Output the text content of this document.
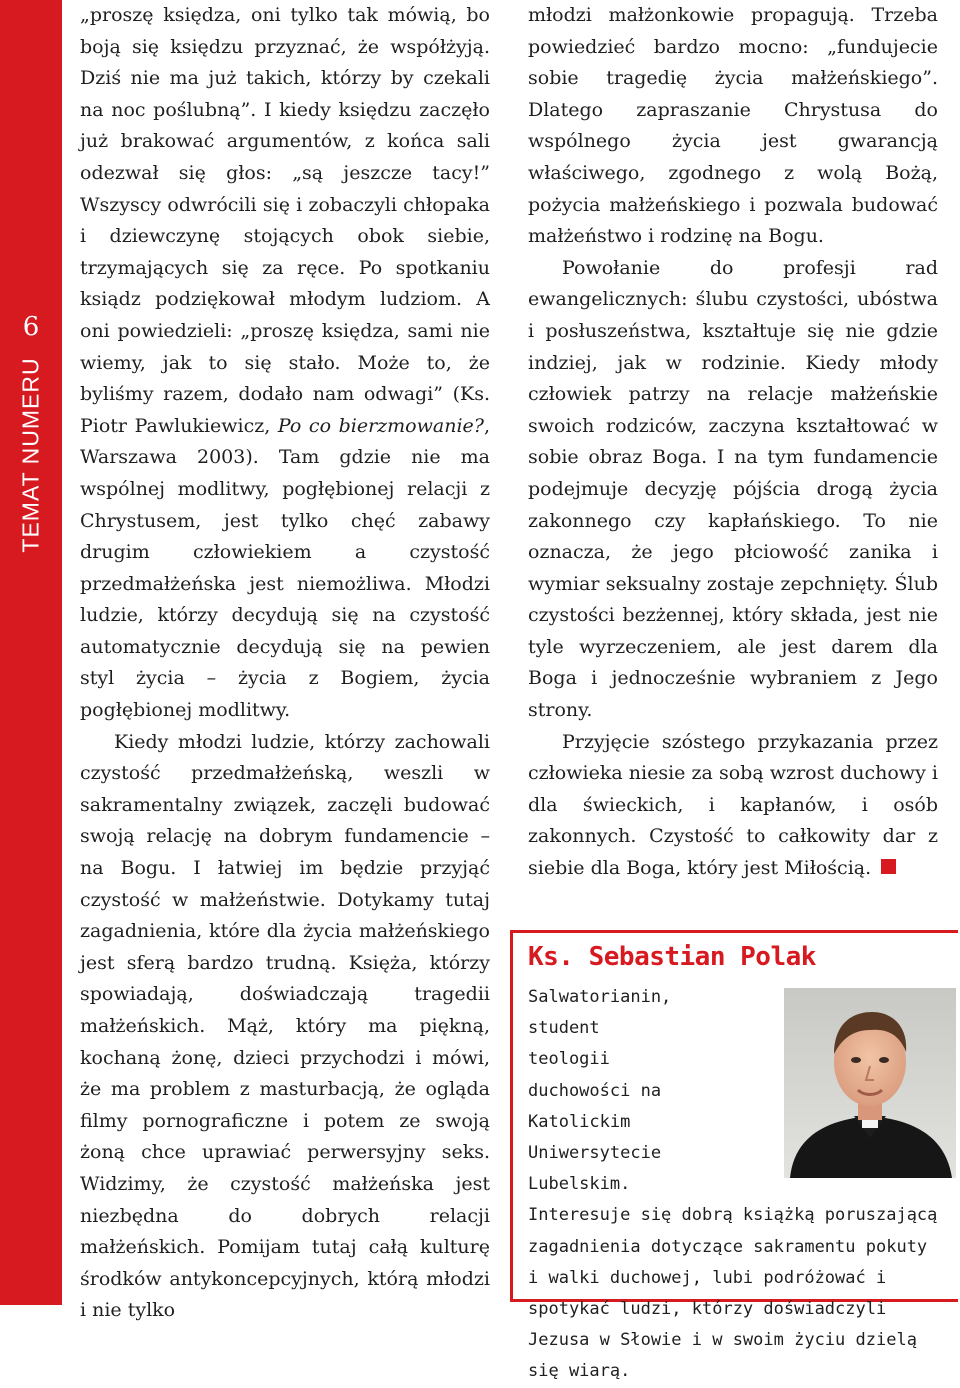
6
TEMAT NUMERU

„proszę księdza, oni tylko tak mówią, bo boją się księdzu przyznać, że współżyją. Dziś nie ma już takich, którzy by czekali na noc poślubną”. I kiedy księdzu zaczęło już brakować argumentów, z końca sali odezwał się głos: „są jeszcze tacy!” Wszyscy odwrócili się i zobaczyli chłopaka i dziewczynę stojących obok siebie, trzymających się za ręce. Po spotkaniu ksiądz podziękował młodym ludziom. A oni powiedzieli: „proszę księdza, sami nie wiemy, jak to się stało. Może to, że byliśmy razem, dodało nam odwagi” (Ks. Piotr Pawlukiewicz, Po co bierzmowanie?, Warszawa 2003). Tam gdzie nie ma wspólnej modlitwy, pogłębionej relacji z Chrystusem, jest tylko chęć zabawy drugim człowiekiem a czystość przedmałżeńska jest niemożliwa. Młodzi ludzie, którzy decydują się na czystość automatycznie decydują się na pewien styl życia – życia z Bogiem, życia pogłębionej modlitwy.

Kiedy młodzi ludzie, którzy zachowali czystość przedmałżeńską, weszli w sakramentalny związek, zaczęli budować swoją relację na dobrym fundamencie – na Bogu. I łatwiej im będzie przyjąć czystość w małżeństwie. Dotykamy tutaj zagadnienia, które dla życia małżeńskiego jest sferą bardzo trudną. Księża, którzy spowiadają, doświadczają tragedii małżeńskich. Mąż, który ma piękną, kochaną żonę, dzieci przychodzi i mówi, że ma problem z masturbacją, że ogląda filmy pornograficzne i potem ze swoją żoną chce uprawiać perwersyjny seks. Widzimy, że czystość małżeńska jest niezbędna do dobrych relacji małżeńskich. Pomijam tutaj całą kulturę środków antykoncepcyjnych, którą młodzi i nie tylko

młodzi małżonkowie propagują. Trzeba powiedzieć bardzo mocno: „fundujecie sobie tragedię życia małżeńskiego”. Dlatego zapraszanie Chrystusa do wspólnego życia jest gwarancją właściwego, zgodnego z wolą Bożą, pożycia małżeńskiego i pozwala budować małżeństwo i rodzinę na Bogu.

Powołanie do profesji rad ewangelicznych: ślubu czystości, ubóstwa i posłuszeństwa, kształtuje się nie gdzie indziej, jak w rodzinie. Kiedy młody człowiek patrzy na relacje małżeńskie swoich rodziców, zaczyna kształtować w sobie obraz Boga. I na tym fundamencie podejmuje decyzję pójścia drogą życia zakonnego czy kapłańskiego. To nie oznacza, że jego płciowość zanika i wymiar seksualny zostaje zepchnięty. Ślub czystości bezżennej, który składa, jest nie tyle wyrzeczeniem, ale jest darem dla Boga i jednocześnie wybraniem z Jego strony.

Przyjęcie szóstego przykazania przez człowieka niesie za sobą wzrost duchowy i dla świeckich, i kapłanów, i osób zakonnych. Czystość to całkowity dar z siebie dla Boga, który jest Miłością.

Ks. Sebastian Polak

Salwatorianin, student teologii duchowości na Katolickim Uniwersytecie Lubelskim. Interesuje się dobrą książką poruszającą zagadnienia dotyczące sakramentu pokuty i walki duchowej, lubi podróżować i spotykać ludzi, którzy doświadczyli Jezusa w Słowie i w swoim życiu dzielą się wiarą.
